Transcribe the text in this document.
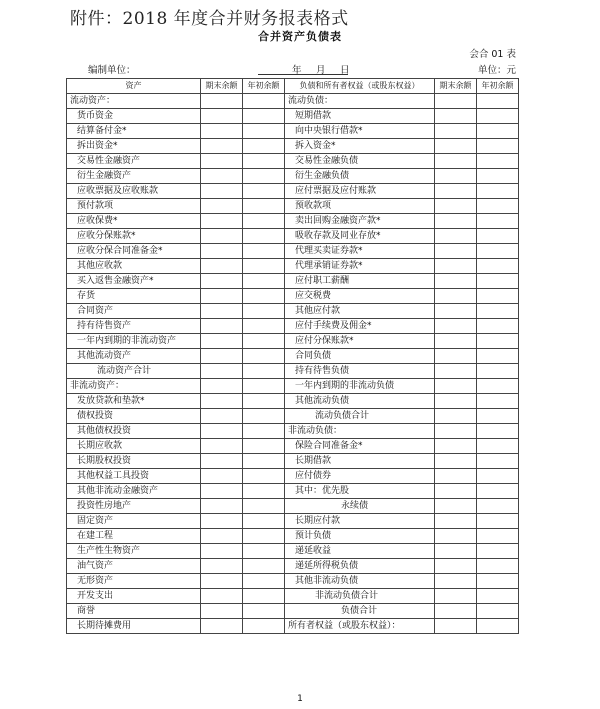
附件：2018 年度合并财务报表格式
合并资产负债表
会合 01 表
编制单位：	年 月 日	单位：元
资产	期末余额	年初余额	负债和所有者权益（或股东权益）	期末余额	年初余额
流动资产：			流动负债：		
货币资金			短期借款		
结算备付金*			向中央银行借款*		
拆出资金*			拆入资金*		
交易性金融资产			交易性金融负债		
衍生金融资产			衍生金融负债		
应收票据及应收账款			应付票据及应付账款		
预付款项			预收款项		
应收保费*			卖出回购金融资产款*		
应收分保账款*			吸收存款及同业存放*		
应收分保合同准备金*			代理买卖证券款*		
其他应收款			代理承销证券款*		
买入返售金融资产*			应付职工薪酬		
存货			应交税费		
合同资产			其他应付款		
持有待售资产			应付手续费及佣金*		
一年内到期的非流动资产			应付分保账款*		
其他流动资产			合同负债		
流动资产合计			持有待售负债		
非流动资产：			一年内到期的非流动负债		
发放贷款和垫款*			其他流动负债		
债权投资			流动负债合计		
其他债权投资			非流动负债：		
长期应收款			保险合同准备金*		
长期股权投资			长期借款		
其他权益工具投资			应付债券		
其他非流动金融资产			其中：优先股		
投资性房地产			永续债		
固定资产			长期应付款		
在建工程			预计负债		
生产性生物资产			递延收益		
油气资产			递延所得税负债		
无形资产			其他非流动负债		
开发支出			非流动负债合计		
商誉			负债合计		
长期待摊费用			所有者权益（或股东权益）：		
1
